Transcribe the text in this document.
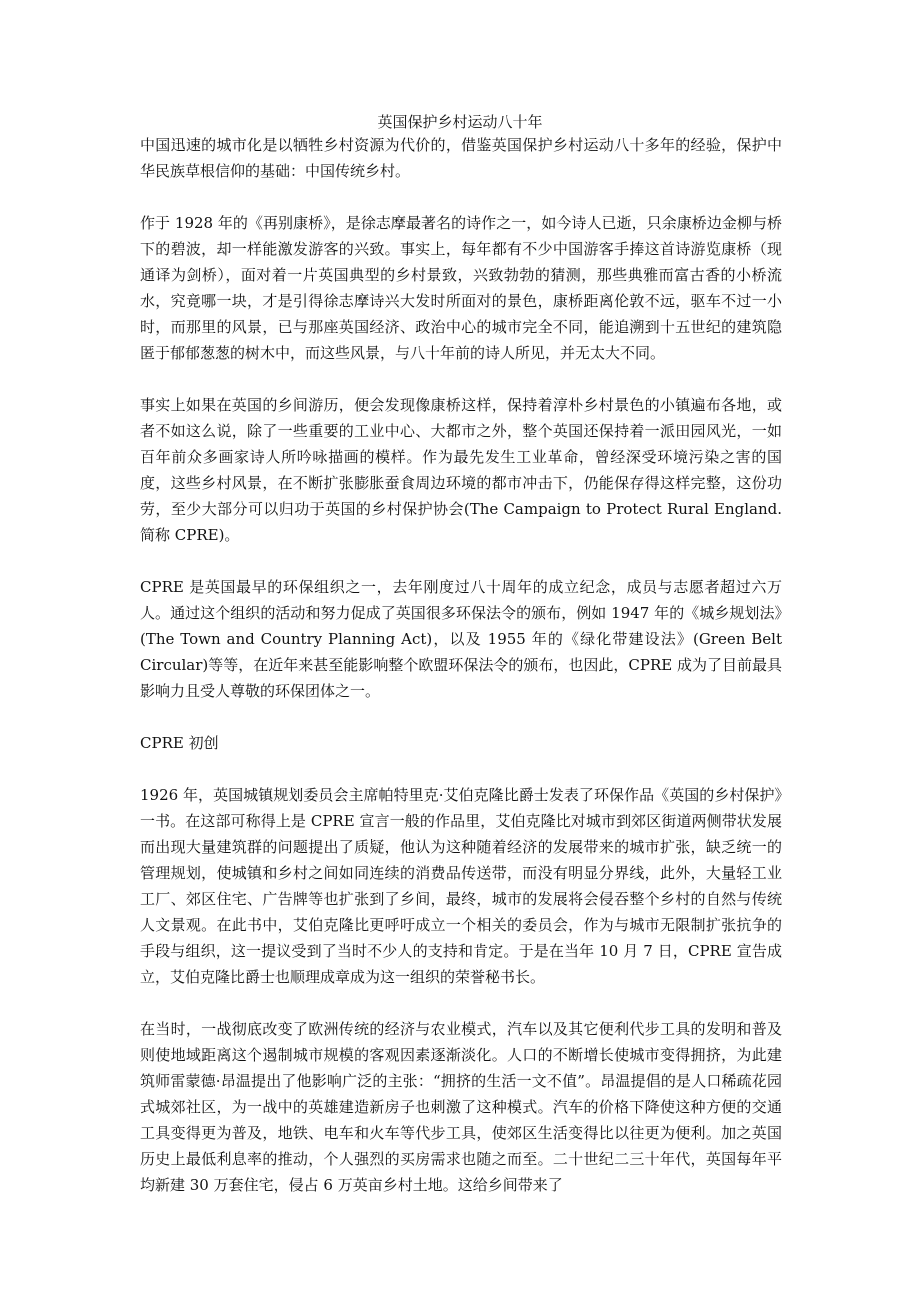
英国保护乡村运动八十年

中国迅速的城市化是以牺牲乡村资源为代价的，借鉴英国保护乡村运动八十多年的经验，保护中华民族草根信仰的基础：中国传统乡村。

作于 1928 年的《再别康桥》，是徐志摩最著名的诗作之一，如今诗人已逝，只余康桥边金柳与桥下的碧波，却一样能激发游客的兴致。事实上，每年都有不少中国游客手捧这首诗游览康桥（现通译为剑桥），面对着一片英国典型的乡村景致，兴致勃勃的猜测，那些典雅而富古香的小桥流水，究竟哪一块，才是引得徐志摩诗兴大发时所面对的景色，康桥距离伦敦不远，驱车不过一小时，而那里的风景，已与那座英国经济、政治中心的城市完全不同，能追溯到十五世纪的建筑隐匿于郁郁葱葱的树木中，而这些风景，与八十年前的诗人所见，并无太大不同。

事实上如果在英国的乡间游历，便会发现像康桥这样，保持着淳朴乡村景色的小镇遍布各地，或者不如这么说，除了一些重要的工业中心、大都市之外，整个英国还保持着一派田园风光，一如百年前众多画家诗人所吟咏描画的模样。作为最先发生工业革命，曾经深受环境污染之害的国度，这些乡村风景，在不断扩张膨胀蚕食周边环境的都市冲击下，仍能保存得这样完整，这份功劳，至少大部分可以归功于英国的乡村保护协会(The Campaign to Protect Rural England.简称 CPRE)。

CPRE 是英国最早的环保组织之一，去年刚度过八十周年的成立纪念，成员与志愿者超过六万人。通过这个组织的活动和努力促成了英国很多环保法令的颁布，例如 1947 年的《城乡规划法》(The Town and Country Planning Act)，以及 1955 年的《绿化带建设法》(Green Belt Circular)等等，在近年来甚至能影响整个欧盟环保法令的颁布，也因此，CPRE 成为了目前最具影响力且受人尊敬的环保团体之一。

CPRE 初创

1926 年，英国城镇规划委员会主席帕特里克·艾伯克隆比爵士发表了环保作品《英国的乡村保护》一书。在这部可称得上是 CPRE 宣言一般的作品里，艾伯克隆比对城市到郊区街道两侧带状发展而出现大量建筑群的问题提出了质疑，他认为这种随着经济的发展带来的城市扩张，缺乏统一的管理规划，使城镇和乡村之间如同连续的消费品传送带，而没有明显分界线，此外，大量轻工业工厂、郊区住宅、广告牌等也扩张到了乡间，最终，城市的发展将会侵吞整个乡村的自然与传统人文景观。在此书中，艾伯克隆比更呼吁成立一个相关的委员会，作为与城市无限制扩张抗争的手段与组织，这一提议受到了当时不少人的支持和肯定。于是在当年 10 月 7 日，CPRE 宣告成立，艾伯克隆比爵士也顺理成章成为这一组织的荣誉秘书长。

在当时，一战彻底改变了欧洲传统的经济与农业模式，汽车以及其它便利代步工具的发明和普及则使地域距离这个遏制城市规模的客观因素逐渐淡化。人口的不断增长使城市变得拥挤，为此建筑师雷蒙德·昂温提出了他影响广泛的主张：“拥挤的生活一文不值”。昂温提倡的是人口稀疏花园式城郊社区，为一战中的英雄建造新房子也刺激了这种模式。汽车的价格下降使这种方便的交通工具变得更为普及，地铁、电车和火车等代步工具，使郊区生活变得比以往更为便利。加之英国历史上最低利息率的推动，个人强烈的买房需求也随之而至。二十世纪二三十年代，英国每年平均新建 30 万套住宅，侵占 6 万英亩乡村土地。这给乡间带来了
